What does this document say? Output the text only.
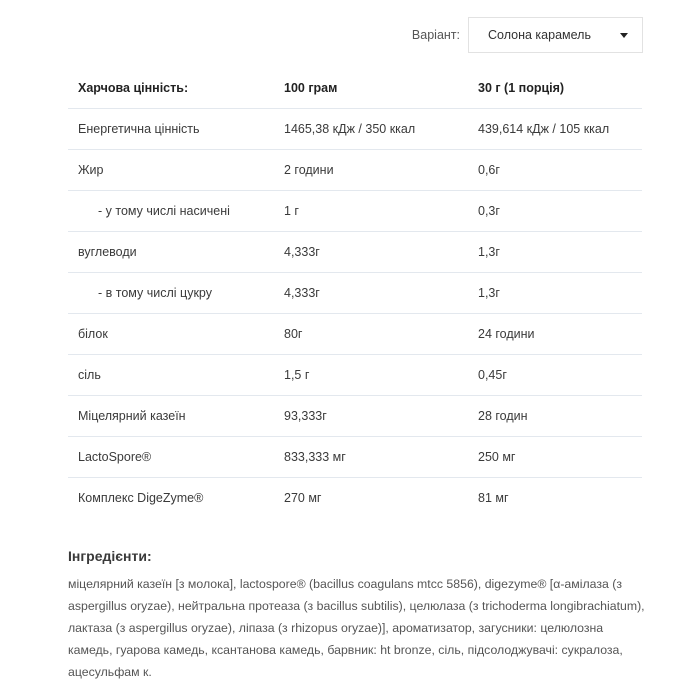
Варіант: Солона карамель
Харчова цінність:	100 грам	30 г (1 порція)
Енергетична цінність	1465,38 кДж / 350 ккал	439,614 кДж / 105 ккал
Жир	2 години	0,6г
- у тому числі насичені	1 г	0,3г
вуглеводи	4,333г	1,3г
- в тому числі цукру	4,333г	1,3г
білок	80г	24 години
сіль	1,5 г	0,45г
Міцелярний казеїн	93,333г	28 годин
LactoSpore®	833,333 мг	250 мг
Комплекс DigeZyme®	270 мг	81 мг
Інгредієнти:

міцелярний казеїн [з молока], lactospore® (bacillus coagulans mtcc 5856), digezyme® [α-амілаза (з aspergillus oryzae), нейтральна протеаза (з bacillus subtilis), целюлаза (з trichoderma longibrachiatum), лактаза (з aspergillus oryzae), ліпаза (з rhizopus oryzae)], ароматизатор, загусники: целюлозна камедь, гуарова камедь, ксантанова камедь, барвник: ht bronze, сіль, підсолоджувачі: сукралоза, ацесульфам к.
